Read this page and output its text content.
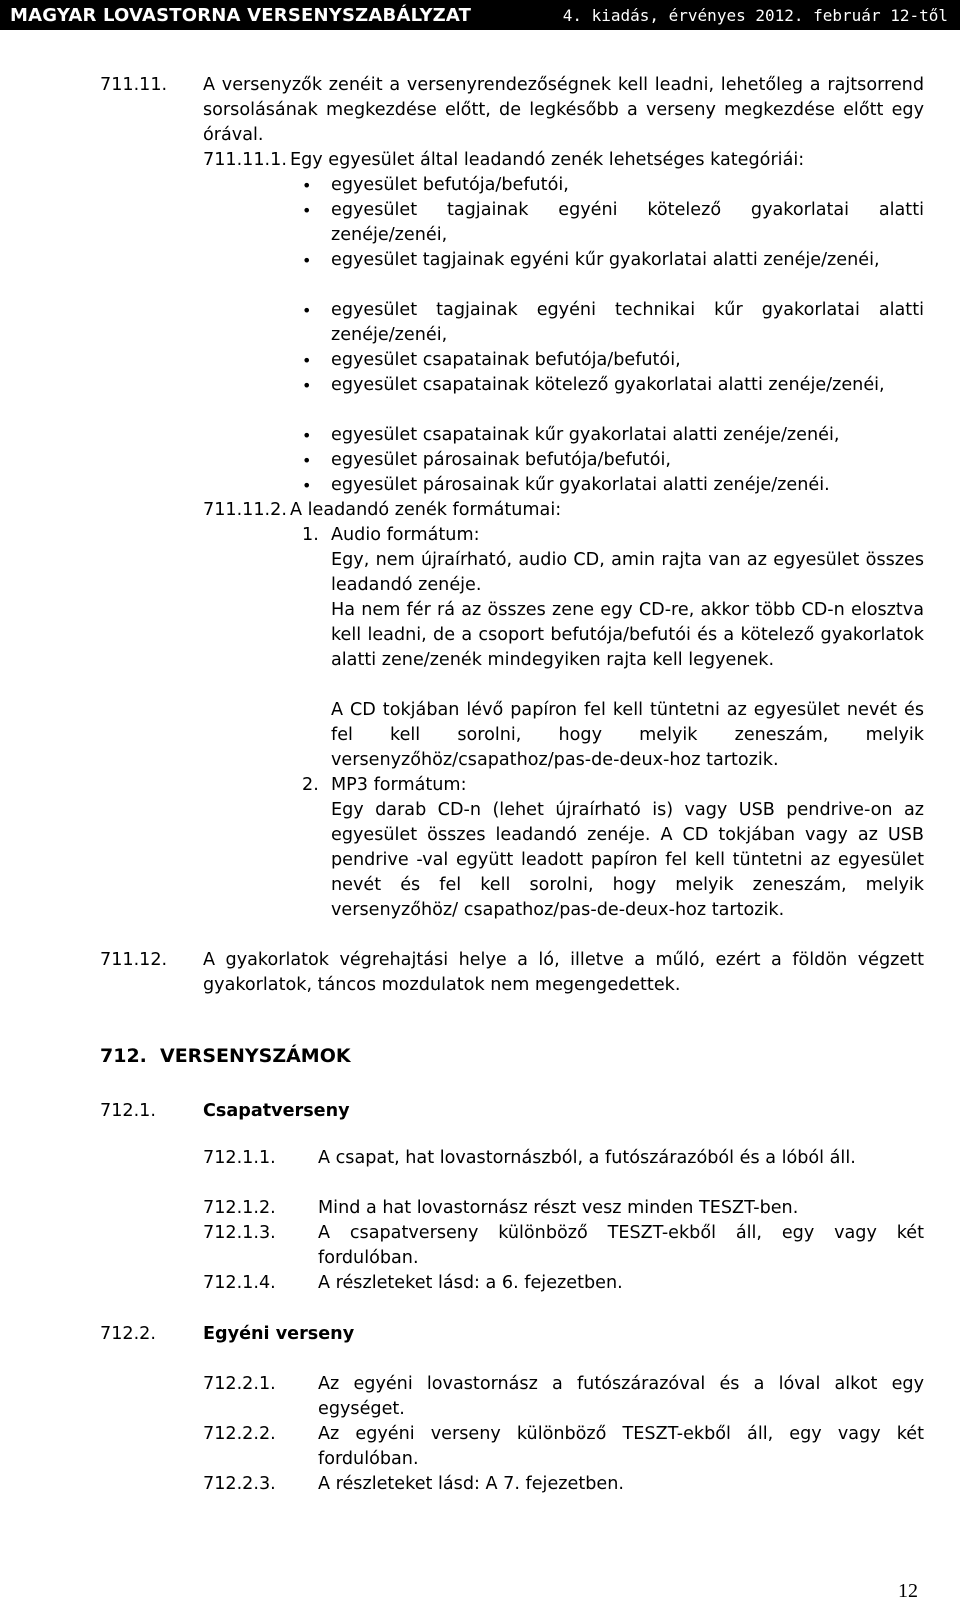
MAGYAR LOVASTORNA VERSENYSZABÁLYZAT	4. kiadás, érvényes 2012. február 12-től
711.11. A versenyzők zenéit a versenyrendezőségnek kell leadni, lehetőleg a rajtsorrend sorsolásának megkezdése előtt, de legkésőbb a verseny megkezdése előtt egy órával.
711.11.1. Egy egyesület által leadandó zenék lehetséges kategóriái:
• egyesület befutója/befutói,
• egyesület tagjainak egyéni kötelező gyakorlatai alatti zenéje/zenéi,
• egyesület tagjainak egyéni kűr gyakorlatai alatti zenéje/zenéi,
• egyesület tagjainak egyéni technikai kűr gyakorlatai alatti zenéje/zenéi,
• egyesület csapatainak befutója/befutói,
• egyesület csapatainak kötelező gyakorlatai alatti zenéje/zenéi,
• egyesület csapatainak kűr gyakorlatai alatti zenéje/zenéi,
• egyesület párosainak befutója/befutói,
• egyesület párosainak kűr gyakorlatai alatti zenéje/zenéi.
711.11.2. A leadandó zenék formátumai:
1. Audio formátum:
Egy, nem újraírható, audio CD, amin rajta van az egyesület összes leadandó zenéje.
Ha nem fér rá az összes zene egy CD-re, akkor több CD-n elosztva kell leadni, de a csoport befutója/befutói és a kötelező gyakorlatok alatti zene/zenék mindegyiken rajta kell legyenek.
A CD tokjában lévő papíron fel kell tüntetni az egyesület nevét és fel kell sorolni, hogy melyik zeneszám, melyik versenyzőhöz/csapathoz/pas-de-deux-hoz tartozik.
2. MP3 formátum:
Egy darab CD-n (lehet újraírható is) vagy USB pendrive-on az egyesület összes leadandó zenéje. A CD tokjában vagy az USB pendrive -val együtt leadott papíron fel kell tüntetni az egyesület nevét és fel kell sorolni, hogy melyik zeneszám, melyik versenyzőhöz/ csapathoz/pas-de-deux-hoz tartozik.
711.12. A gyakorlatok végrehajtási helye a ló, illetve a műló, ezért a földön végzett gyakorlatok, táncos mozdulatok nem megengedettek.
712. VERSENYSZÁMOK
712.1.	Csapatverseny
712.1.1. A csapat, hat lovastornászból, a futószárazóból és a lóból áll.
712.1.2. Mind a hat lovastornász részt vesz minden TESZT-ben.
712.1.3. A csapatverseny különböző TESZT-ekből áll, egy vagy két fordulóban.
712.1.4. A részleteket lásd: a 6. fejezetben.
712.2.	Egyéni verseny
712.2.1. Az egyéni lovastornász a futószárazóval és a lóval alkot egy egységet.
712.2.2. Az egyéni verseny különböző TESZT-ekből áll, egy vagy két fordulóban.
712.2.3. A részleteket lásd: A 7. fejezetben.
12
